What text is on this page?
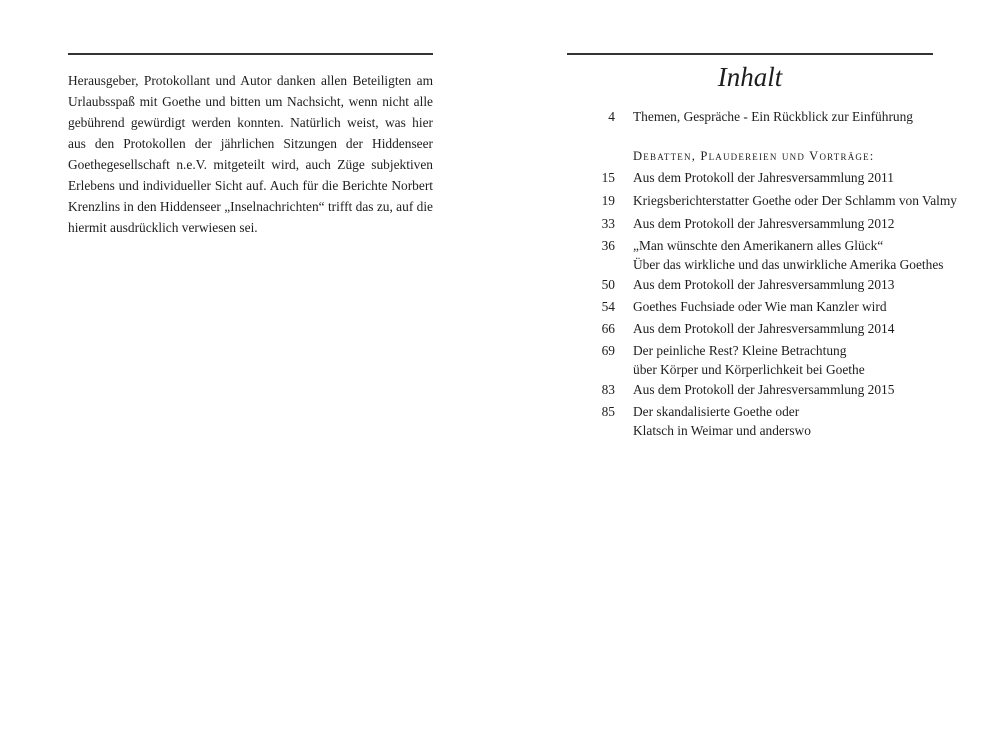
Herausgeber, Protokollant und Autor danken allen Beteiligten am Urlaubsspaß mit Goethe und bitten um Nachsicht, wenn nicht alle gebührend gewürdigt werden konnten. Natürlich weist, was hier aus den Protokollen der jährlichen Sitzungen der Hiddenseer Goethegesellschaft n.e.V. mitgeteilt wird, auch Züge subjektiven Erlebens und individueller Sicht auf. Auch für die Berichte Norbert Krenzlins in den Hiddenseer „Inselnachrichten“ trifft das zu, auf die hiermit ausdrücklich verwiesen sei.
Inhalt
4 Themen, Gespräche - Ein Rückblick zur Einführung
Debatten, Plaudereien und Vorträge:
15 Aus dem Protokoll der Jahresversammlung 2011
19 Kriegsberichterstatter Goethe oder Der Schlamm von Valmy
33 Aus dem Protokoll der Jahresversammlung 2012
36 „Man wünschte den Amerikanern alles Glück“
Über das wirkliche und das unwirkliche Amerika Goethes
50 Aus dem Protokoll der Jahresversammlung 2013
54 Goethes Fuchsiade oder Wie man Kanzler wird
66 Aus dem Protokoll der Jahresversammlung 2014
69 Der peinliche Rest? Kleine Betrachtung
über Körper und Körperlichkeit bei Goethe
83 Aus dem Protokoll der Jahresversammlung 2015
85 Der skandalisierte Goethe oder
Klatsch in Weimar und anderswo
